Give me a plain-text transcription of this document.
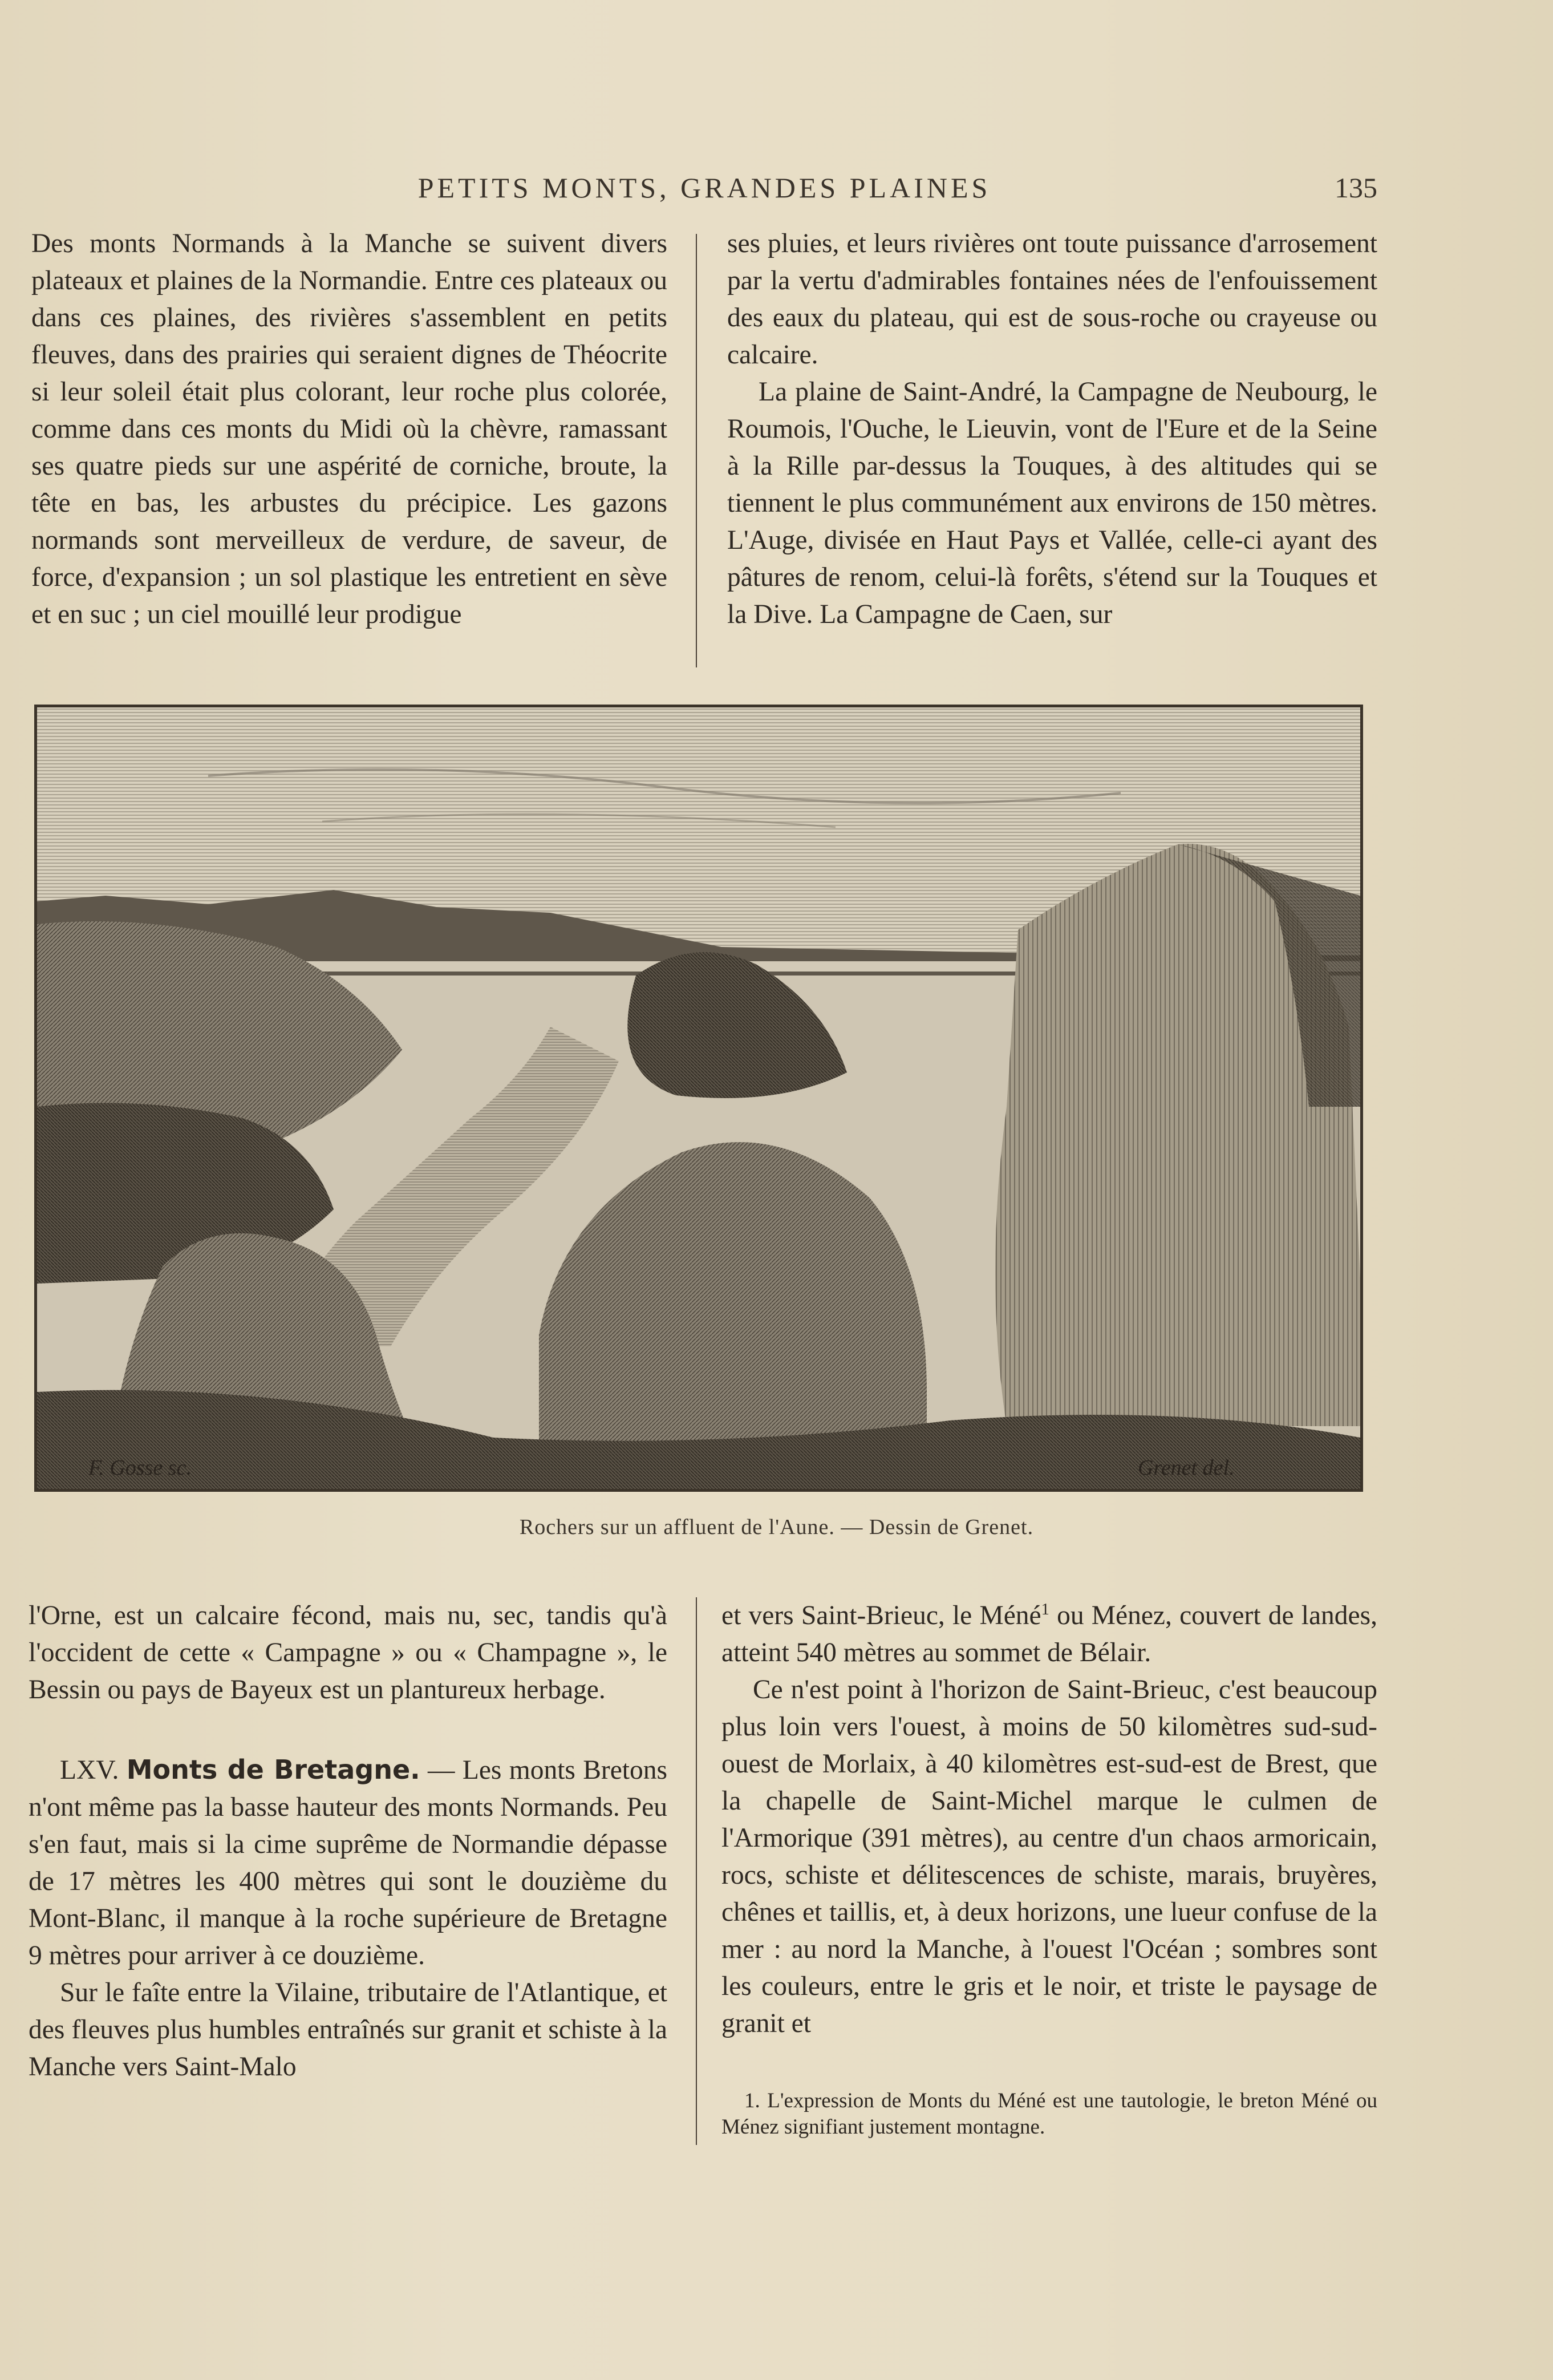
PETITS MONTS, GRANDES PLAINES	135

Des monts Normands à la Manche se suivent divers plateaux et plaines de la Normandie. Entre ces plateaux ou dans ces plaines, des rivières s'assemblent en petits fleuves, dans des prairies qui seraient dignes de Théocrite si leur soleil était plus colorant, leur roche plus colorée, comme dans ces monts du Midi où la chèvre, ramassant ses quatre pieds sur une aspérité de corniche, broute, la tête en bas, les arbustes du précipice. Les gazons normands sont merveilleux de verdure, de saveur, de force, d'expansion ; un sol plastique les entretient en sève et en suc ; un ciel mouillé leur prodigue

ses pluies, et leurs rivières ont toute puissance d'arrosement par la vertu d'admirables fontaines nées de l'enfouissement des eaux du plateau, qui est de sous-roche ou crayeuse ou calcaire.

La plaine de Saint-André, la Campagne de Neubourg, le Roumois, l'Ouche, le Lieuvin, vont de l'Eure et de la Seine à la Rille par-dessus la Touques, à des altitudes qui se tiennent le plus communément aux environs de 150 mètres. L'Auge, divisée en Haut Pays et Vallée, celle-ci ayant des pâtures de renom, celui-là forêts, s'étend sur la Touques et la Dive. La Campagne de Caen, sur

F. Gosse sc.	Grenet del.
Rochers sur un affluent de l'Aune. — Dessin de Grenet.

l'Orne, est un calcaire fécond, mais nu, sec, tandis qu'à l'occident de cette « Campagne » ou « Champagne », le Bessin ou pays de Bayeux est un plantureux herbage.

LXV. Monts de Bretagne. — Les monts Bretons n'ont même pas la basse hauteur des monts Normands. Peu s'en faut, mais si la cime suprême de Normandie dépasse de 17 mètres les 400 mètres qui sont le douzième du Mont-Blanc, il manque à la roche supérieure de Bretagne 9 mètres pour arriver à ce douzième.

Sur le faîte entre la Vilaine, tributaire de l'Atlantique, et des fleuves plus humbles entraînés sur granit et schiste à la Manche vers Saint-Malo

et vers Saint-Brieuc, le Méné$^1$ ou Ménez, couvert de landes, atteint 540 mètres au sommet de Bélair.

Ce n'est point à l'horizon de Saint-Brieuc, c'est beaucoup plus loin vers l'ouest, à moins de 50 kilomètres sud-sud-ouest de Morlaix, à 40 kilomètres est-sud-est de Brest, que la chapelle de Saint-Michel marque le culmen de l'Armorique (391 mètres), au centre d'un chaos armoricain, rocs, schiste et délitescences de schiste, marais, bruyères, chênes et taillis, et, à deux horizons, une lueur confuse de la mer : au nord la Manche, à l'ouest l'Océan ; sombres sont les couleurs, entre le gris et le noir, et triste le paysage de granit et

1. L'expression de Monts du Méné est une tautologie, le breton Méné ou Ménez signifiant justement montagne.
